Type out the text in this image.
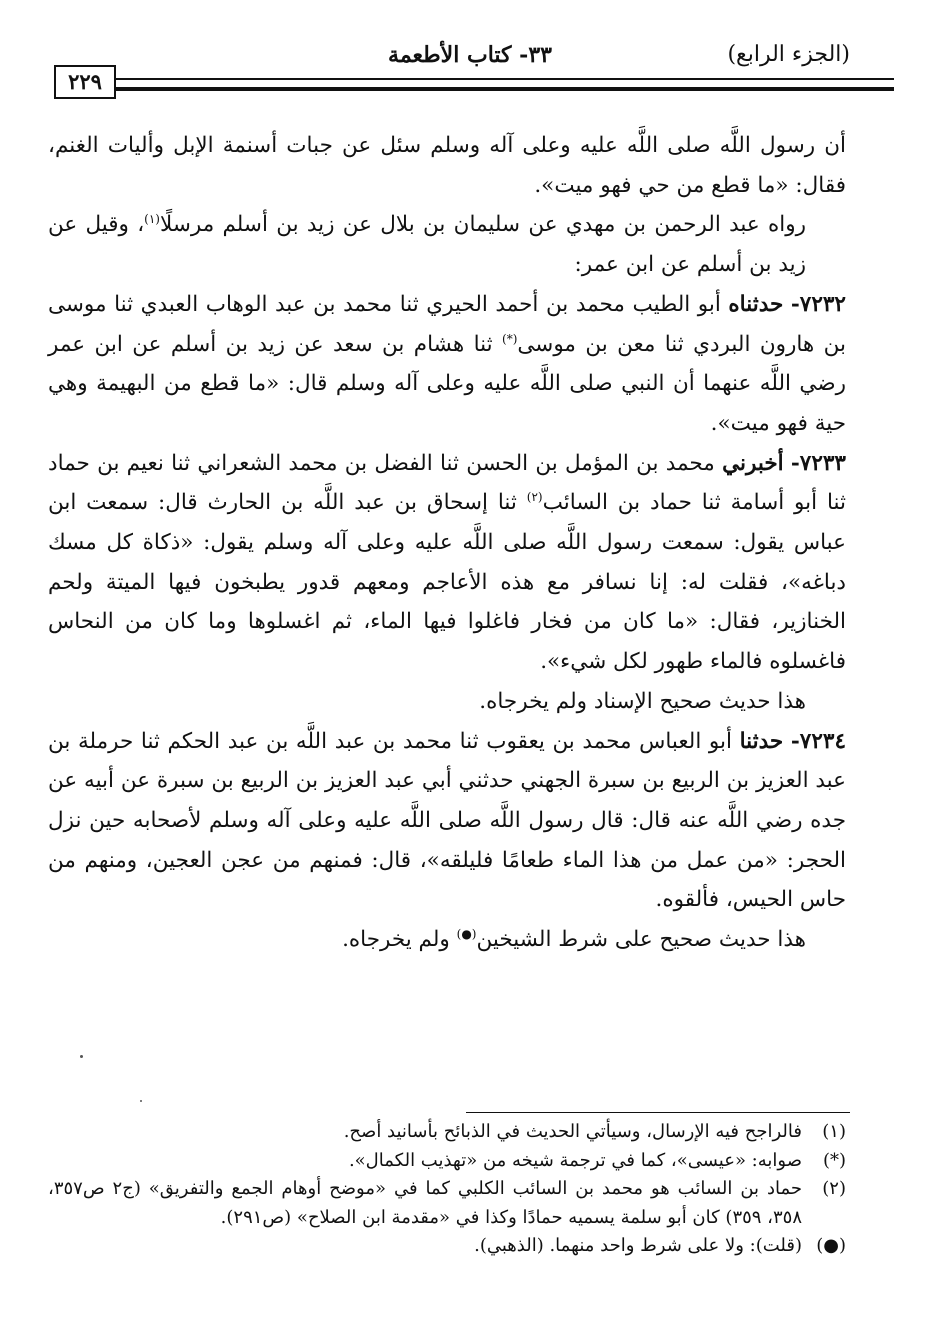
(الجزء الرابع)
٣٣- كتاب الأطعمة
٢٢٩

أن رسول اللَّه صلى اللَّه عليه وعلى آله وسلم سئل عن جبات أسنمة الإبل وأليات الغنم، فقال: «ما قطع من حي فهو ميت».

رواه عبد الرحمن بن مهدي عن سليمان بن بلال عن زيد بن أسلم مرسلًا$^{(١)}$، وقيل عن زيد بن أسلم عن ابن عمر:

٧٢٣٢- حدثناه أبو الطيب محمد بن أحمد الحيري ثنا محمد بن عبد الوهاب العبدي ثنا موسى بن هارون البردي ثنا معن بن موسى(*) ثنا هشام بن سعد عن زيد بن أسلم عن ابن عمر رضي اللَّه عنهما أن النبي صلى اللَّه عليه وعلى آله وسلم قال: «ما قطع من البهيمة وهي حية فهو ميت».

٧٢٣٣- أخبرني محمد بن المؤمل بن الحسن ثنا الفضل بن محمد الشعراني ثنا نعيم بن حماد ثنا أبو أسامة ثنا حماد بن السائب$^{(٢)}$ ثنا إسحاق بن عبد اللَّه بن الحارث قال: سمعت ابن عباس يقول: سمعت رسول اللَّه صلى اللَّه عليه وعلى آله وسلم يقول: «ذكاة كل مسك دباغه»، فقلت له: إنا نسافر مع هذه الأعاجم ومعهم قدور يطبخون فيها الميتة ولحم الخنازير، فقال: «ما كان من فخار فاغلوا فيها الماء، ثم اغسلوها وما كان من النحاس فاغسلوه فالماء طهور لكل شيء».

هذا حديث صحيح الإسناد ولم يخرجاه.

٧٢٣٤- حدثنا أبو العباس محمد بن يعقوب ثنا محمد بن عبد اللَّه بن عبد الحكم ثنا حرملة بن عبد العزيز بن الربيع بن سبرة الجهني حدثني أبي عبد العزيز بن الربيع بن سبرة عن أبيه عن جده رضي اللَّه عنه قال: قال رسول اللَّه صلى اللَّه عليه وعلى آله وسلم لأصحابه حين نزل الحجر: «من عمل من هذا الماء طعامًا فليلقه»، قال: فمنهم من عجن العجين، ومنهم من حاس الحيس، فألقوه.

هذا حديث صحيح على شرط الشيخين(●) ولم يخرجاه.

(١)
فالراجح فيه الإرسال، وسيأتي الحديث في الذبائح بأسانيد أصح.
(*)
صوابه: «عيسى»، كما في ترجمة شيخه من «تهذيب الكمال».
(٢)
حماد بن السائب هو محمد بن السائب الكلبي كما في «موضح أوهام الجمع والتفريق» (ج٢ ص٣٥٧، ٣٥٨، ٣٥٩) كان أبو سلمة يسميه حمادًا وكذا في «مقدمة ابن الصلاح» (ص٢٩١).
(●)
(قلت): ولا على شرط واحد منهما. (الذهبي).
